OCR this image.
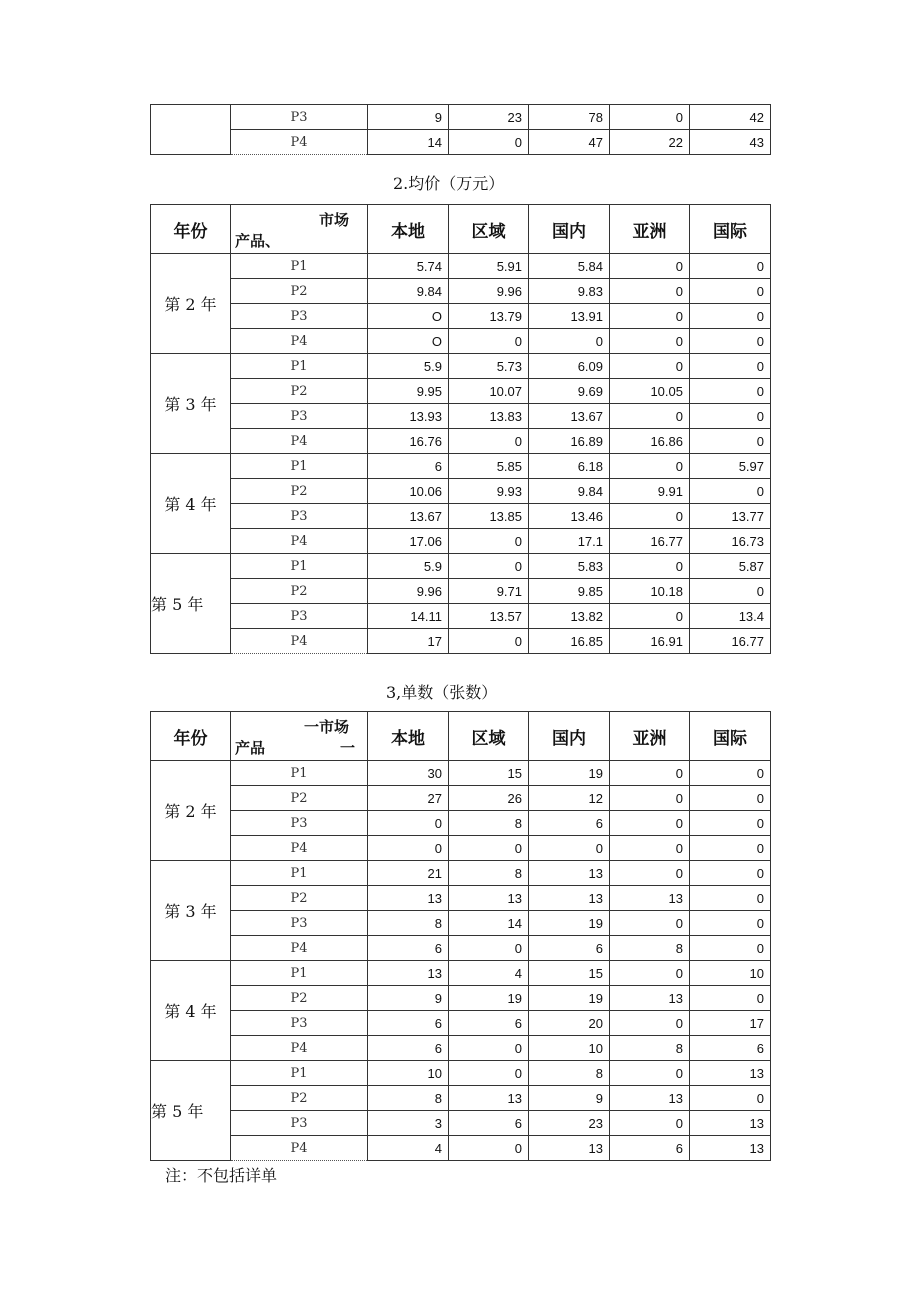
	P3	9	23	78	0	42
	P4	14	0	47	22	43
2.均价（万元）
年份	市场
产品、	本地	区域	国内	亚洲	国际
第 2 年	P1	5.74	5.91	5.84	0	0
	P2	9.84	9.96	9.83	0	0
	P3	O	13.79	13.91	0	0
	P4	O	0	0	0	0
第 3 年	P1	5.9	5.73	6.09	0	0
	P2	9.95	10.07	9.69	10.05	0
	P3	13.93	13.83	13.67	0	0
	P4	16.76	0	16.89	16.86	0
第 4 年	P1	6	5.85	6.18	0	5.97
	P2	10.06	9.93	9.84	9.91	0
	P3	13.67	13.85	13.46	0	13.77
	P4	17.06	0	17.1	16.77	16.73
第 5 年	P1	5.9	0	5.83	0	5.87
	P2	9.96	9.71	9.85	10.18	0
	P3	14.11	13.57	13.82	0	13.4
	P4	17	0	16.85	16.91	16.77
3,单数（张数）
年份	一市场
产品 一	本地	区域	国内	亚洲	国际
第 2 年	P1	30	15	19	0	0
	P2	27	26	12	0	0
	P3	0	8	6	0	0
	P4	0	0	0	0	0
第 3 年	P1	21	8	13	0	0
	P2	13	13	13	13	0
	P3	8	14	19	0	0
	P4	6	0	6	8	0
第 4 年	P1	13	4	15	0	10
	P2	9	19	19	13	0
	P3	6	6	20	0	17
	P4	6	0	10	8	6
第 5 年	P1	10	0	8	0	13
	P2	8	13	9	13	0
	P3	3	6	23	0	13
	P4	4	0	13	6	13
注：不包括详单
